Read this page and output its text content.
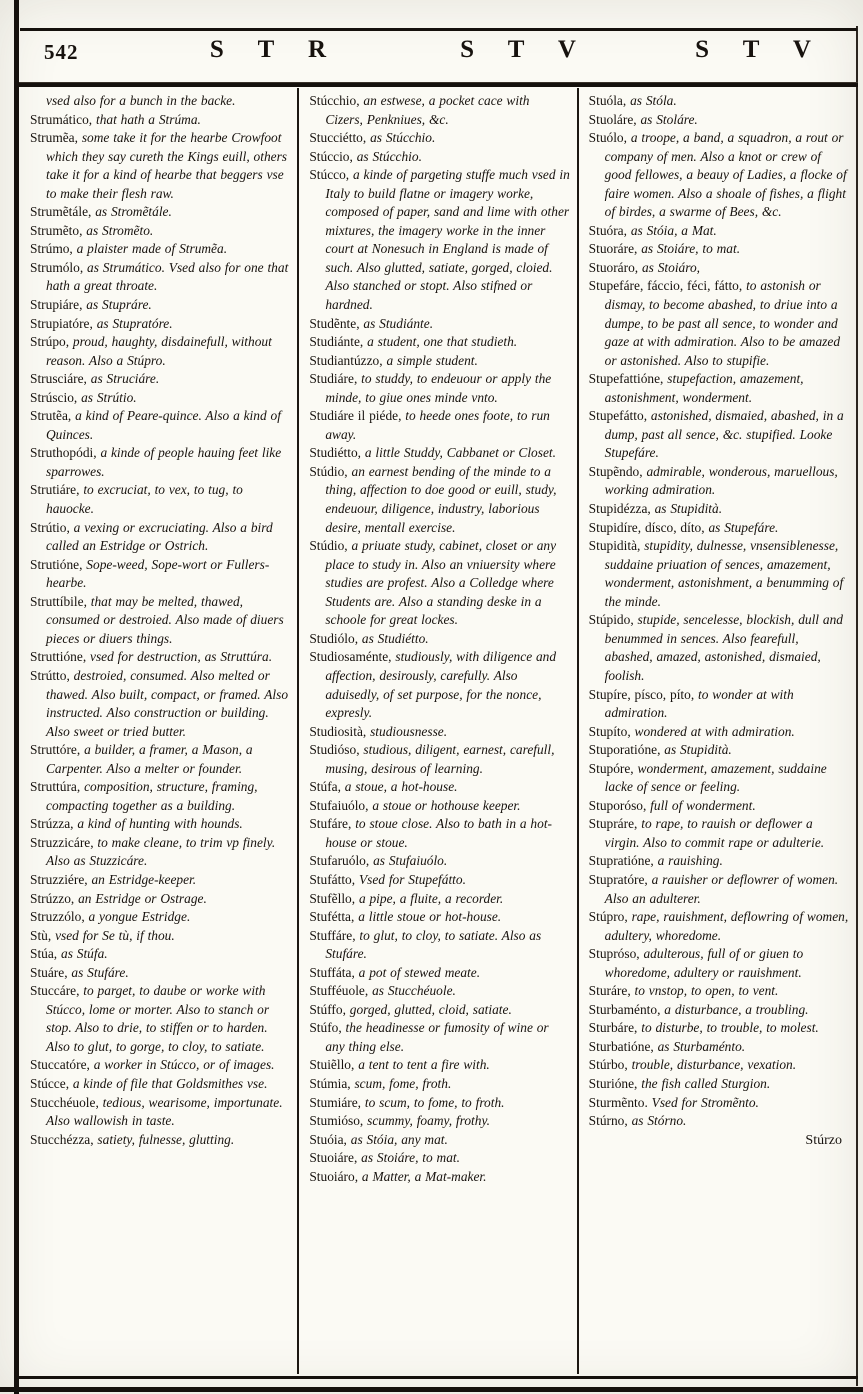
542	S T R	S T V	S T V

vsed also for a bunch in the backe.

Strumático, that hath a Strúma.

Strumẽa, some take it for the hearbe Crowfoot which they say cureth the Kings euill, others take it for a kind of hearbe that beggers vse to make their flesh raw.

Strumẽtále, as Stromẽtále.

Strumẽto, as Stromẽto.

Strúmo, a plaister made of Strumẽa.

Strumólo, as Strumático. Vsed also for one that hath a great throate.

Strupiáre, as Stupráre.

Strupiatóre, as Stupratóre.

Strúpo, proud, haughty, disdainefull, without reason. Also a Stúpro.

Strusciáre, as Struciáre.

Strúscio, as Strútio.

Strutẽa, a kind of Peare-quince. Also a kind of Quinces.

Struthopódi, a kinde of people hauing feet like sparrowes.

Strutiáre, to excruciat, to vex, to tug, to hauocke.

Strútio, a vexing or excruciating. Also a bird called an Estridge or Ostrich.

Strutióne, Sope-weed, Sope-wort or Fullers-hearbe.

Struttíbile, that may be melted, thawed, consumed or destroied. Also made of diuers pieces or diuers things.

Struttióne, vsed for destruction, as Struttúra.

Strútto, destroied, consumed. Also melted or thawed. Also built, compact, or framed. Also instructed. Also construction or building. Also sweet or tried butter.

Struttóre, a builder, a framer, a Mason, a Carpenter. Also a melter or founder.

Struttúra, composition, structure, framing, compacting together as a building.

Strúzza, a kind of hunting with hounds.

Struzzicáre, to make cleane, to trim vp finely. Also as Stuzzicáre.

Struzziére, an Estridge-keeper.

Strúzzo, an Estridge or Ostrage.

Struzzólo, a yongue Estridge.

Stù, vsed for Se tù, if thou.

Stúa, as Stúfa.

Stuáre, as Stufáre.

Stuccáre, to parget, to daube or worke with Stúcco, lome or morter. Also to stanch or stop. Also to drie, to stiffen or to harden. Also to glut, to gorge, to cloy, to satiate.

Stuccatóre, a worker in Stúcco, or of images.

Stúcce, a kinde of file that Goldsmithes vse.

Stucchéuole, tedious, wearisome, importunate. Also wallowish in taste.

Stucchézza, satiety, fulnesse, glutting.

Stúcchio, an estwese, a pocket cace with Cizers, Penkniues, &c.

Stucciétto, as Stúcchio.

Stúccio, as Stúcchio.

Stúcco, a kinde of pargeting stuffe much vsed in Italy to build flatne or imagery worke, composed of paper, sand and lime with other mixtures, the imagery worke in the inner court at Nonesuch in England is made of such. Also glutted, satiate, gorged, cloied. Also stanched or stopt. Also stifned or hardned.

Studẽnte, as Studiánte.

Studiánte, a student, one that studieth.

Studiantúzzo, a simple student.

Studiáre, to studdy, to endeuour or apply the minde, to giue ones minde vnto.

Studiáre il piéde, to heede ones foote, to run away.

Studiétto, a little Studdy, Cabbanet or Closet.

Stúdio, an earnest bending of the minde to a thing, affection to doe good or euill, study, endeuour, diligence, industry, laborious desire, mentall exercise.

Stúdio, a priuate study, cabinet, closet or any place to study in. Also an vniuersity where studies are profest. Also a Colledge where Students are. Also a standing deske in a schoole for great lockes.

Studiólo, as Studiétto.

Studiosaménte, studiously, with diligence and affection, desirously, carefully. Also aduisedly, of set purpose, for the nonce, expresly.

Studiosità, studiousnesse.

Studióso, studious, diligent, earnest, carefull, musing, desirous of learning.

Stúfa, a stoue, a hot-house.

Stufaiuólo, a stoue or hothouse keeper.

Stufáre, to stoue close. Also to bath in a hot-house or stoue.

Stufaruólo, as Stufaiuólo.

Stufátto, Vsed for Stupefátto.

Stufẽllo, a pipe, a fluite, a recorder.

Stufétta, a little stoue or hot-house.

Stuffáre, to glut, to cloy, to satiate. Also as Stufáre.

Stuffáta, a pot of stewed meate.

Stufféuole, as Stucchéuole.

Stúffo, gorged, glutted, cloid, satiate.

Stúfo, the headinesse or fumosity of wine or any thing else.

Stuiẽllo, a tent to tent a fire with.

Stúmia, scum, fome, froth.

Stumiáre, to scum, to fome, to froth.

Stumióso, scummy, foamy, frothy.

Stuóia, as Stóia, any mat.

Stuoiáre, as Stoiáre, to mat.

Stuoiáro, a Matter, a Mat-maker.

Stuóla, as Stóla.

Stuoláre, as Stoláre.

Stuólo, a troope, a band, a squadron, a rout or company of men. Also a knot or crew of good fellowes, a beauy of Ladies, a flocke of faire women. Also a shoale of fishes, a flight of birdes, a swarme of Bees, &c.

Stuóra, as Stóia, a Mat.

Stuoráre, as Stoiáre, to mat.

Stuoráro, as Stoiáro,

Stupefáre, fáccio, féci, fátto, to astonish or dismay, to become abashed, to driue into a dumpe, to be past all sence, to wonder and gaze at with admiration. Also to be amazed or astonished. Also to stupifie.

Stupefattióne, stupefaction, amazement, astonishment, wonderment.

Stupefátto, astonished, dismaied, abashed, in a dump, past all sence, &c. stupified. Looke Stupefáre.

Stupẽndo, admirable, wonderous, maruellous, working admiration.

Stupidézza, as Stupidità.

Stupidíre, dísco, díto, as Stupefáre.

Stupidità, stupidity, dulnesse, vnsensiblenesse, suddaine priuation of sences, amazement, wonderment, astonishment, a benumming of the minde.

Stúpido, stupide, sencelesse, blockish, dull and benummed in sences. Also fearefull, abashed, amazed, astonished, dismaied, foolish.

Stupíre, písco, píto, to wonder at with admiration.

Stupíto, wondered at with admiration.

Stuporatióne, as Stupidità.

Stupóre, wonderment, amazement, suddaine lacke of sence or feeling.

Stuporóso, full of wonderment.

Stupráre, to rape, to rauish or deflower a virgin. Also to commit rape or adulterie.

Stupratióne, a rauishing.

Stupratóre, a rauisher or deflowrer of women. Also an adulterer.

Stúpro, rape, rauishment, deflowring of women, adultery, whoredome.

Stupróso, adulterous, full of or giuen to whoredome, adultery or rauishment.

Sturáre, to vnstop, to open, to vent.

Sturbaménto, a disturbance, a troubling.

Sturbáre, to disturbe, to trouble, to molest.

Sturbatióne, as Sturbaménto.

Stúrbo, trouble, disturbance, vexation.

Sturióne, the fish called Sturgion.

Sturmẽnto. Vsed for Stromẽnto.

Stúrno, as Stórno.

Stúrzo
